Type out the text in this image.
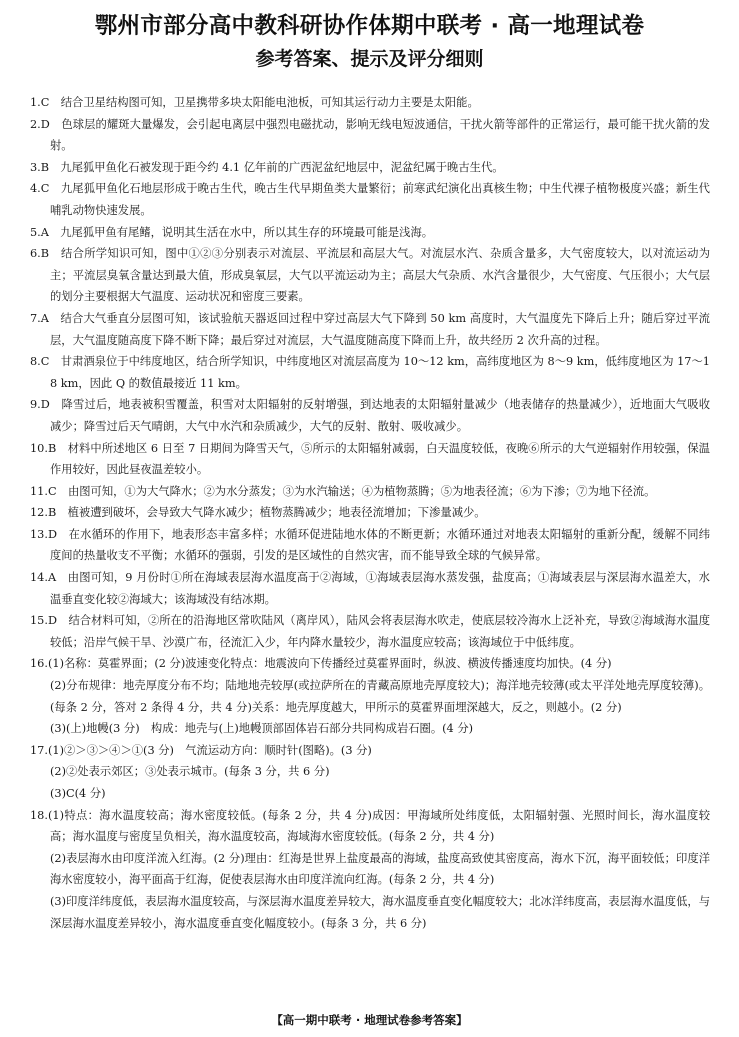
鄂州市部分高中教科研协作体期中联考 · 高一地理试卷
参考答案、提示及评分细则

1.C　 结合卫星结构图可知，卫星携带多块太阳能电池板，可知其运行动力主要是太阳能。

2.D　 色球层的耀斑大量爆发，会引起电离层中强烈电磁扰动，影响无线电短波通信，干扰火箭等部件的正常运行，最可能干扰火箭的发射。

3.B　 九尾狐甲鱼化石被发现于距今约 4.1 亿年前的广西泥盆纪地层中，泥盆纪属于晚古生代。

4.C　 九尾狐甲鱼化石地层形成于晚古生代，晚古生代早期鱼类大量繁衍；前寒武纪演化出真核生物；中生代裸子植物极度兴盛；新生代哺乳动物快速发展。

5.A　 九尾狐甲鱼有尾鳍，说明其生活在水中，所以其生存的环境最可能是浅海。

6.B　 结合所学知识可知，图中①②③分别表示对流层、平流层和高层大气。对流层水汽、杂质含量多，大气密度较大，以对流运动为主；平流层臭氧含量达到最大值，形成臭氧层，大气以平流运动为主；高层大气杂质、水汽含量很少，大气密度、气压很小；大气层的划分主要根据大气温度、运动状况和密度三要素。

7.A　 结合大气垂直分层图可知，该试验航天器返回过程中穿过高层大气下降到 50 km 高度时，大气温度先下降后上升；随后穿过平流层，大气温度随高度下降不断下降；最后穿过对流层，大气温度随高度下降而上升，故共经历 2 次升高的过程。

8.C　 甘肃酒泉位于中纬度地区，结合所学知识，中纬度地区对流层高度为 10～12 km，高纬度地区为 8～9 km，低纬度地区为 17～18 km，因此 Q 的数值最接近 11 km。

9.D　 降雪过后，地表被积雪覆盖，积雪对太阳辐射的反射增强，到达地表的太阳辐射量减少（地表储存的热量减少），近地面大气吸收减少；降雪过后天气晴朗，大气中水汽和杂质减少，大气的反射、散射、吸收减少。

10.B　 材料中所述地区 6 日至 7 日期间为降雪天气，⑤所示的太阳辐射减弱，白天温度较低，夜晚⑥所示的大气逆辐射作用较强，保温作用较好，因此昼夜温差较小。

11.C　 由图可知，①为大气降水；②为水分蒸发；③为水汽输送；④为植物蒸腾；⑤为地表径流；⑥为下渗；⑦为地下径流。

12.B　 植被遭到破坏，会导致大气降水减少；植物蒸腾减少；地表径流增加；下渗量减少。

13.D　 在水循环的作用下，地表形态丰富多样；水循环促进陆地水体的不断更新；水循环通过对地表太阳辐射的重新分配，缓解不同纬度间的热量收支不平衡；水循环的强弱，引发的是区域性的自然灾害，而不能导致全球的气候异常。

14.A　 由图可知，9 月份时①所在海域表层海水温度高于②海域，①海域表层海水蒸发强，盐度高；①海域表层与深层海水温差大，水温垂直变化较②海域大；该海域没有结冰期。

15.D　 结合材料可知，②所在的沿海地区常吹陆风（离岸风），陆风会将表层海水吹走，使底层较冷海水上泛补充，导致②海域海水温度较低；沿岸气候干旱、沙漠广布，径流汇入少，年内降水量较少，海水温度应较高；该海域位于中低纬度。

16.(1)名称：莫霍界面；(2 分)波速变化特点：地震波向下传播经过莫霍界面时，纵波、横波传播速度均加快。(4 分)

(2)分布规律：地壳厚度分布不均；陆地地壳较厚(或拉萨所在的青藏高原地壳厚度较大)；海洋地壳较薄(或太平洋处地壳厚度较薄)。(每条 2 分，答对 2 条得 4 分，共 4 分)关系：地壳厚度越大，甲所示的莫霍界面埋深越大，反之，则越小。(2 分)

(3)(上)地幔(3 分)　构成：地壳与(上)地幔顶部固体岩石部分共同构成岩石圈。(4 分)

17.(1)②＞③＞④＞①(3 分)　气流运动方向：顺时针(图略)。(3 分)

(2)②处表示郊区；③处表示城市。(每条 3 分，共 6 分)

(3)C(4 分)

18.(1)特点：海水温度较高；海水密度较低。(每条 2 分，共 4 分)成因：甲海域所处纬度低，太阳辐射强、光照时间长，海水温度较高；海水温度与密度呈负相关，海水温度较高，海域海水密度较低。(每条 2 分，共 4 分)

(2)表层海水由印度洋流入红海。(2 分)理由：红海是世界上盐度最高的海域，盐度高致使其密度高，海水下沉，海平面较低；印度洋海水密度较小，海平面高于红海，促使表层海水由印度洋流向红海。(每条 2 分，共 4 分)

(3)印度洋纬度低，表层海水温度较高，与深层海水温度差异较大，海水温度垂直变化幅度较大；北冰洋纬度高，表层海水温度低，与深层海水温度差异较小，海水温度垂直变化幅度较小。(每条 3 分，共 6 分)

【高一期中联考 · 地理试卷参考答案】
